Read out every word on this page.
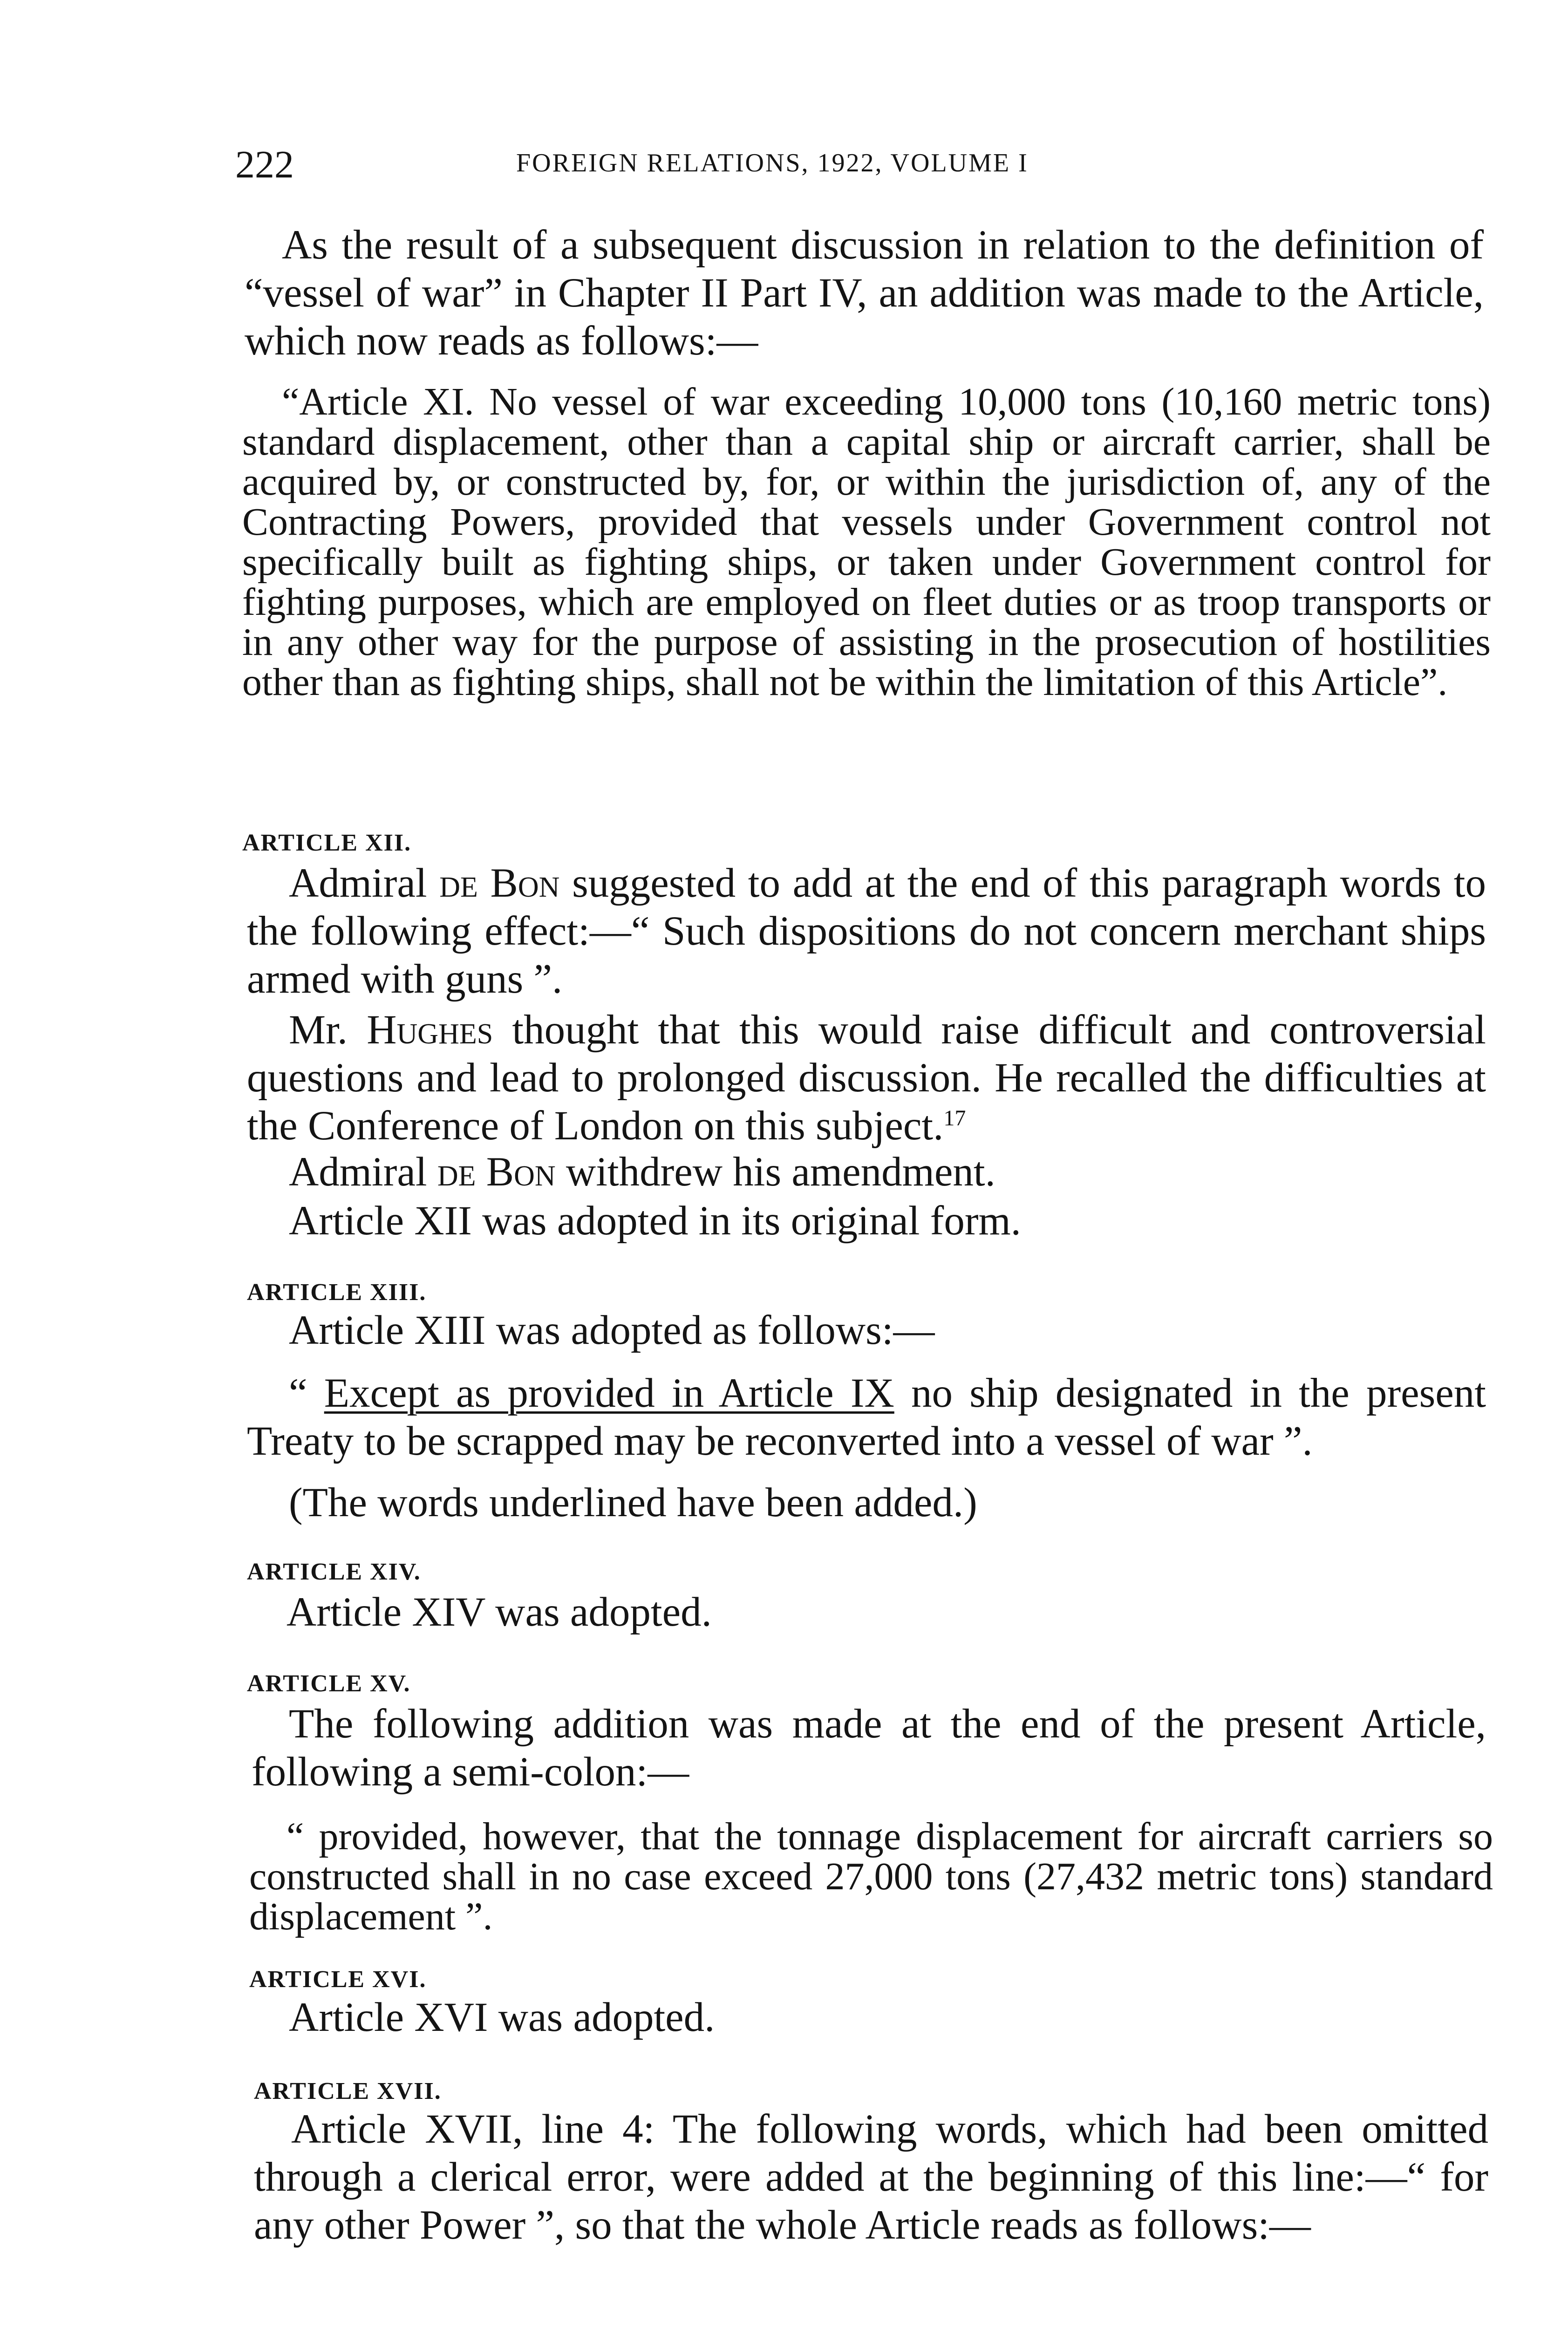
222	FOREIGN RELATIONS, 1922, VOLUME I

As the result of a subsequent discussion in relation to the definition of “vessel of war” in Chapter II Part IV, an addition was made to the Article, which now reads as follows:—

“Article XI. No vessel of war exceeding 10,000 tons (10,160 metric tons) standard displacement, other than a capital ship or aircraft carrier, shall be acquired by, or constructed by, for, or within the jurisdiction of, any of the Contracting Powers, provided that vessels under Government control not specifically built as fighting ships, or taken under Government control for fighting purposes, which are employed on fleet duties or as troop transports or in any other way for the purpose of assisting in the prosecution of hostilities other than as fighting ships, shall not be within the limitation of this Article”.

ARTICLE XII.

Admiral de Bon suggested to add at the end of this paragraph words to the following effect:—“ Such dispositions do not concern merchant ships armed with guns ”.

Mr. Hughes thought that this would raise difficult and controversial questions and lead to prolonged discussion. He recalled the difficulties at the Conference of London on this subject.$^{17}$

Admiral de Bon withdrew his amendment.

Article XII was adopted in its original form.

ARTICLE XIII.

Article XIII was adopted as follows:—

“ Except as provided in Article IX no ship designated in the present Treaty to be scrapped may be reconverted into a vessel of war ”.

(The words underlined have been added.)

ARTICLE XIV.

Article XIV was adopted.

ARTICLE XV.

The following addition was made at the end of the present Article, following a semi-colon:—

“ provided, however, that the tonnage displacement for aircraft carriers so constructed shall in no case exceed 27,000 tons (27,432 metric tons) standard displacement ”.

ARTICLE XVI.

Article XVI was adopted.

ARTICLE XVII.

Article XVII, line 4: The following words, which had been omitted through a clerical error, were added at the beginning of this line:—“ for any other Power ”, so that the whole Article reads as follows:—
